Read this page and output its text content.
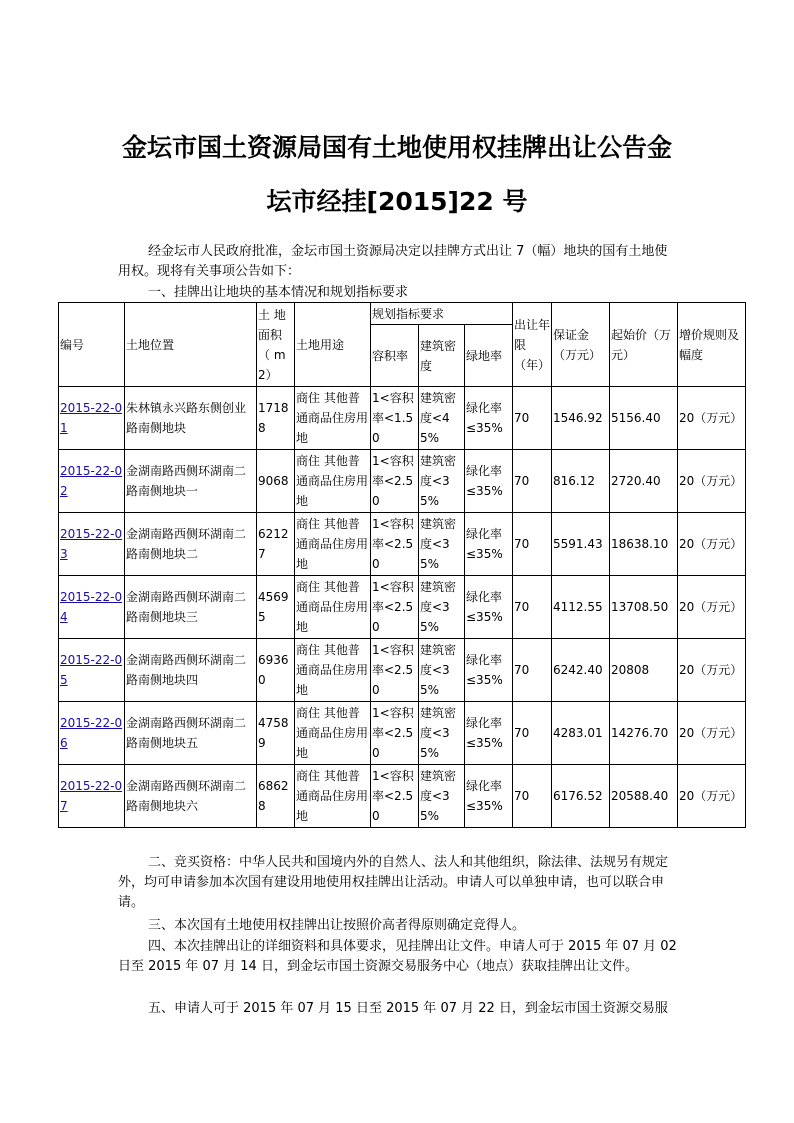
金坛市国土资源局国有土地使用权挂牌出让公告金
坛市经挂[2015]22 号
经金坛市人民政府批准，金坛市国土资源局决定以挂牌方式出让 7（幅）地块的国有土地使用权。现将有关事项公告如下：
一、挂牌出让地块的基本情况和规划指标要求
编号	土地位置	土 地面积（ m2）	土地用途	规划指标要求			出让年限（年）	保证金（万元）	起始价（万元）	增价规则及幅度
				容积率	建筑密度	绿地率				
2015-22-01	朱林镇永兴路东侧创业路南侧地块	17188	商住 其他普通商品住房用地	1<容积率<1.50	建筑密度<45%	绿化率≤35%	70	1546.92	5156.40	20（万元）
2015-22-02	金湖南路西侧环湖南二路南侧地块一	9068	商住 其他普通商品住房用地	1<容积率<2.50	建筑密度<35%	绿化率≤35%	70	816.12	2720.40	20（万元）
2015-22-03	金湖南路西侧环湖南二路南侧地块二	62127	商住 其他普通商品住房用地	1<容积率<2.50	建筑密度<35%	绿化率≤35%	70	5591.43	18638.10	20（万元）
2015-22-04	金湖南路西侧环湖南二路南侧地块三	45695	商住 其他普通商品住房用地	1<容积率<2.50	建筑密度<35%	绿化率≤35%	70	4112.55	13708.50	20（万元）
2015-22-05	金湖南路西侧环湖南二路南侧地块四	69360	商住 其他普通商品住房用地	1<容积率<2.50	建筑密度<35%	绿化率≤35%	70	6242.40	20808	20（万元）
2015-22-06	金湖南路西侧环湖南二路南侧地块五	47589	商住 其他普通商品住房用地	1<容积率<2.50	建筑密度<35%	绿化率≤35%	70	4283.01	14276.70	20（万元）
2015-22-07	金湖南路西侧环湖南二路南侧地块六	68628	商住 其他普通商品住房用地	1<容积率<2.50	建筑密度<35%	绿化率≤35%	70	6176.52	20588.40	20（万元）
二、竞买资格：中华人民共和国境内外的自然人、法人和其他组织，除法律、法规另有规定外，均可申请参加本次国有建设用地使用权挂牌出让活动。申请人可以单独申请，也可以联合申请。
三、本次国有土地使用权挂牌出让按照价高者得原则确定竞得人。
四、本次挂牌出让的详细资料和具体要求，见挂牌出让文件。申请人可于 2015 年 07 月 02 日至 2015 年 07 月 14 日，到金坛市国土资源交易服务中心（地点）获取挂牌出让文件。
五、申请人可于 2015 年 07 月 15 日至 2015 年 07 月 22 日，到金坛市国土资源交易服
